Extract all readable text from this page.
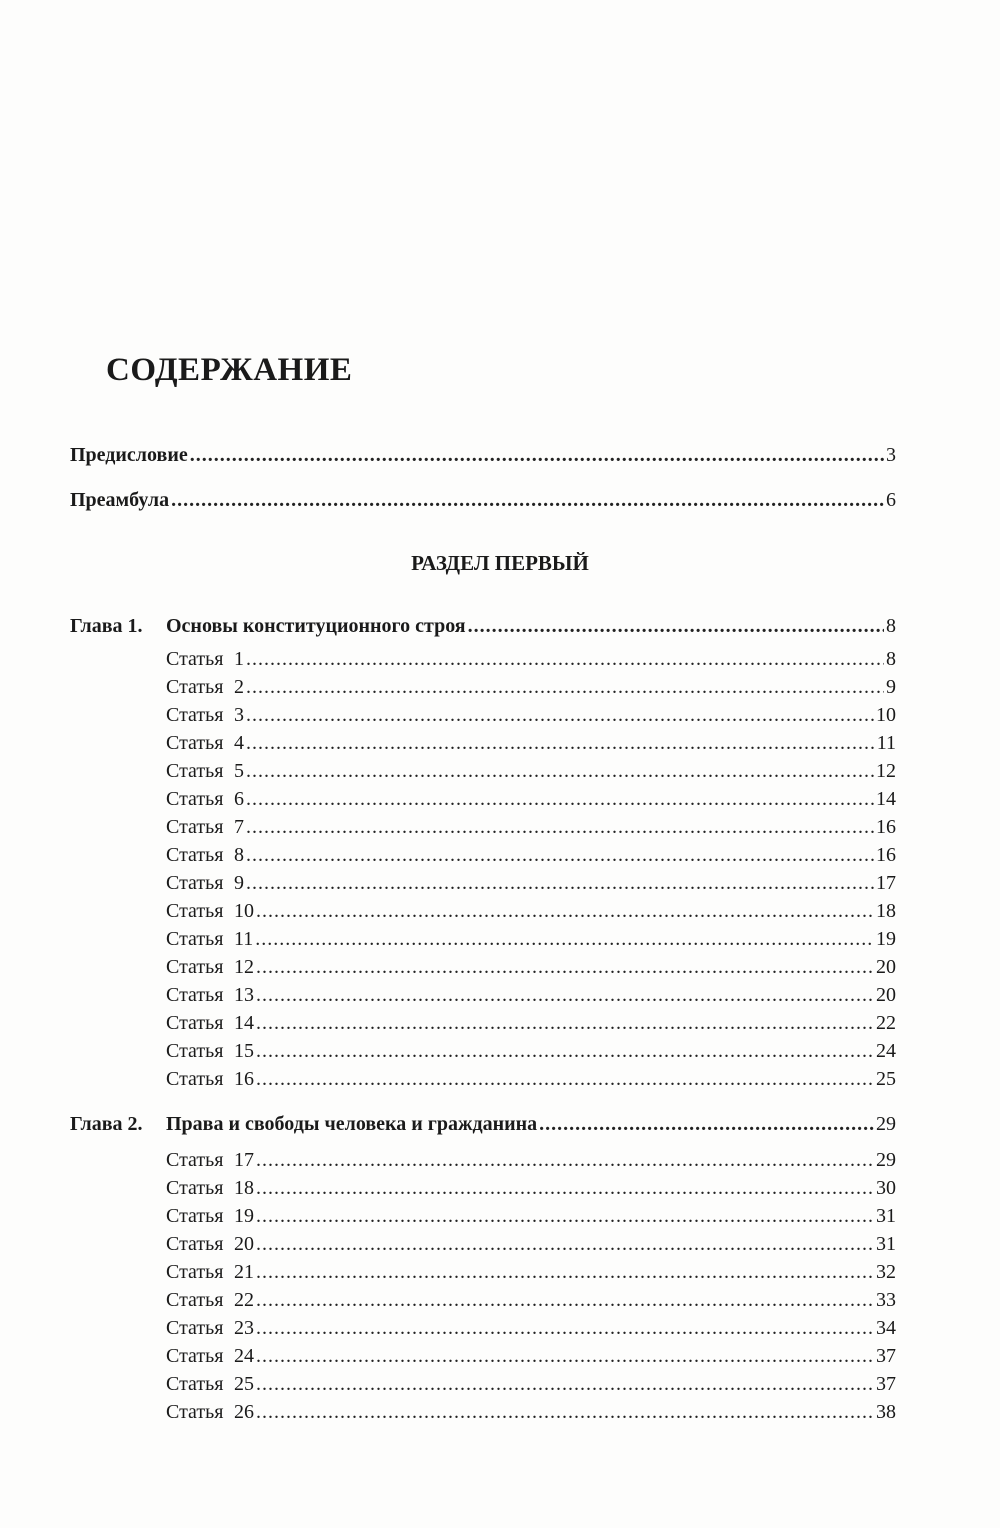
СОДЕРЖАНИЕ
Предисловие .....	3
Преамбула .....	6
РАЗДЕЛ ПЕРВЫЙ
Глава 1. Основы конституционного строя .....	8
Статья 1 .....	8
Статья 2 .....	9
Статья 3 .....	10
Статья 4 .....	11
Статья 5 .....	12
Статья 6 .....	14
Статья 7 .....	16
Статья 8 .....	16
Статья 9 .....	17
Статья 10 .....	18
Статья 11 .....	19
Статья 12 .....	20
Статья 13 .....	20
Статья 14 .....	22
Статья 15 .....	24
Статья 16 .....	25
Глава 2. Права и свободы человека и гражданина .....	29
Статья 17 .....	29
Статья 18 .....	30
Статья 19 .....	31
Статья 20 .....	31
Статья 21 .....	32
Статья 22 .....	33
Статья 23 .....	34
Статья 24 .....	37
Статья 25 .....	37
Статья 26 .....	38
